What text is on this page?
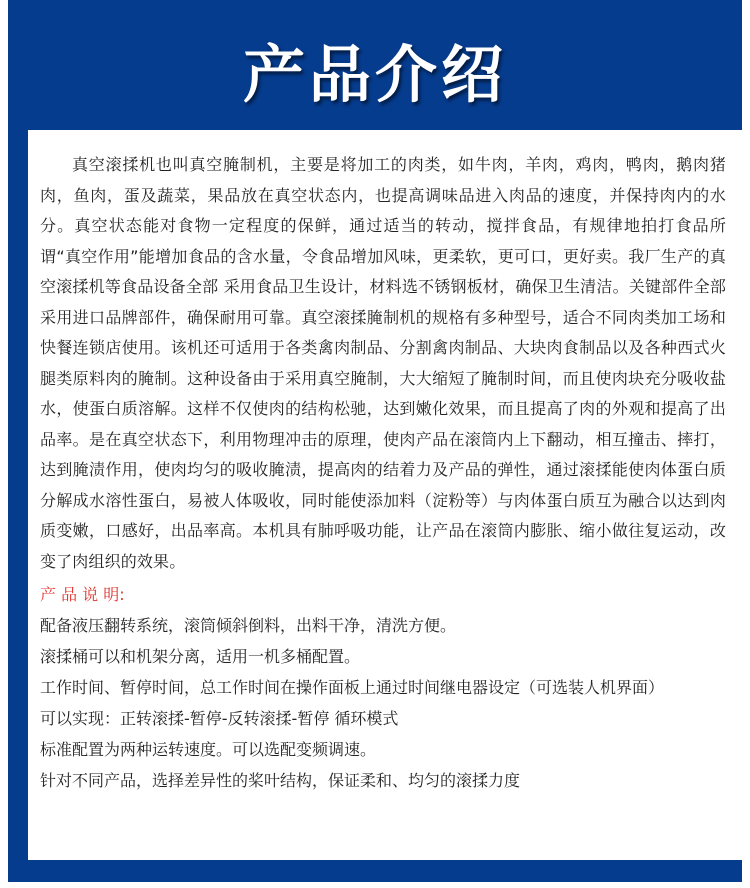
产品介绍

真空滚揉机也叫真空腌制机，主要是将加工的肉类，如牛肉，羊肉，鸡肉，鸭肉，鹅肉猪肉，鱼肉，蛋及蔬菜，果品放在真空状态内，也提高调味品进入肉品的速度，并保持肉内的水分。真空状态能对食物一定程度的保鲜，通过适当的转动，搅拌食品，有规律地拍打食品所谓“真空作用”能增加食品的含水量，令食品增加风味，更柔软，更可口，更好卖。我厂生产的真空滚揉机等食品设备全部 采用食品卫生设计，材料选不锈钢板材，确保卫生清洁。关键部件全部采用进口品牌部件，确保耐用可靠。真空滚揉腌制机的规格有多种型号，适合不同肉类加工场和快餐连锁店使用。该机还可适用于各类禽肉制品、分割禽肉制品、大块肉食制品以及各种西式火腿类原料肉的腌制。这种设备由于采用真空腌制，大大缩短了腌制时间，而且使肉块充分吸收盐水，使蛋白质溶解。这样不仅使肉的结构松驰，达到嫩化效果，而且提高了肉的外观和提高了出品率。是在真空状态下，利用物理冲击的原理，使肉产品在滚筒内上下翻动，相互撞击、摔打，达到腌渍作用，使肉均匀的吸收腌渍，提高肉的结着力及产品的弹性，通过滚揉能使肉体蛋白质分解成水溶性蛋白，易被人体吸收，同时能使添加料（淀粉等）与肉体蛋白质互为融合以达到肉质变嫩，口感好，出品率高。本机具有肺呼吸功能，让产品在滚筒内膨胀、缩小做往复运动，改变了肉组织的效果。

产 品 说 明:

配备液压翻转系统，滚筒倾斜倒料，出料干净，清洗方便。

滚揉桶可以和机架分离，适用一机多桶配置。

工作时间、暂停时间，总工作时间在操作面板上通过时间继电器设定（可选装人机界面）

可以实现：正转滚揉-暂停-反转滚揉-暂停 循环模式

标准配置为两种运转速度。可以选配变频调速。

针对不同产品，选择差异性的桨叶结构，保证柔和、均匀的滚揉力度
